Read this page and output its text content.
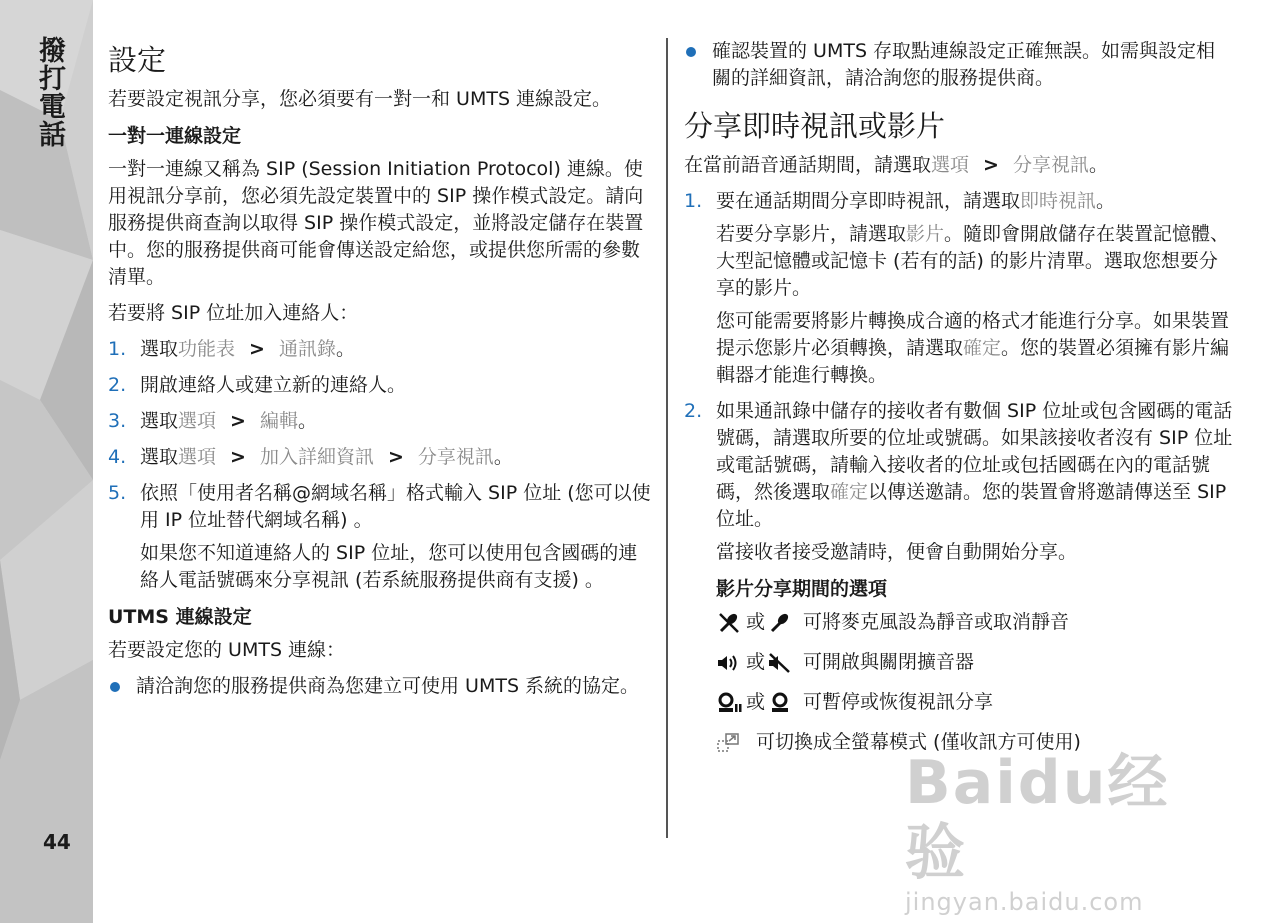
撥打電話
44
設定

若要設定視訊分享，您必須要有一對一和 UMTS 連線設定。

一對一連線設定

一對一連線又稱為 SIP (Session Initiation Protocol) 連線。使用視訊分享前，您必須先設定裝置中的 SIP 操作模式設定。請向服務提供商查詢以取得 SIP 操作模式設定，並將設定儲存在裝置中。您的服務提供商可能會傳送設定給您，或提供您所需的參數清單。

若要將 SIP 位址加入連絡人：

1. 選取功能表 > 通訊錄。
2. 開啟連絡人或建立新的連絡人。
3. 選取選項 > 編輯。
4. 選取選項 > 加入詳細資訊 > 分享視訊。
5. 依照「使用者名稱@網域名稱」格式輸入 SIP 位址 (您可以使用 IP 位址替代網域名稱) 。

如果您不知道連絡人的 SIP 位址，您可以使用包含國碼的連絡人電話號碼來分享視訊 (若系統服務提供商有支援) 。

UTMS 連線設定

若要設定您的 UMTS 連線：

請洽詢您的服務提供商為您建立可使用 UMTS 系統的協定。
確認裝置的 UMTS 存取點連線設定正確無誤。如需與設定相關的詳細資訊，請洽詢您的服務提供商。
分享即時視訊或影片

在當前語音通話期間，請選取選項 > 分享視訊。

1. 要在通話期間分享即時視訊，請選取即時視訊。

若要分享影片，請選取影片。隨即會開啟儲存在裝置記憶體、大型記憶體或記憶卡 (若有的話) 的影片清單。選取您想要分享的影片。

您可能需要將影片轉換成合適的格式才能進行分享。如果裝置提示您影片必須轉換，請選取確定。您的裝置必須擁有影片編輯器才能進行轉換。

2. 如果通訊錄中儲存的接收者有數個 SIP 位址或包含國碼的電話號碼，請選取所要的位址或號碼。如果該接收者沒有 SIP 位址或電話號碼，請輸入接收者的位址或包括國碼在內的電話號碼，然後選取確定以傳送邀請。您的裝置會將邀請傳送至 SIP 位址。

當接收者接受邀請時，便會自動開始分享。

影片分享期間的選項
或 可將麥克風設為靜音或取消靜音
或 可開啟與關閉擴音器
或 可暫停或恢復視訊分享
可切換成全螢幕模式 (僅收訊方可使用)
Baidu经验
jingyan.baidu.com
